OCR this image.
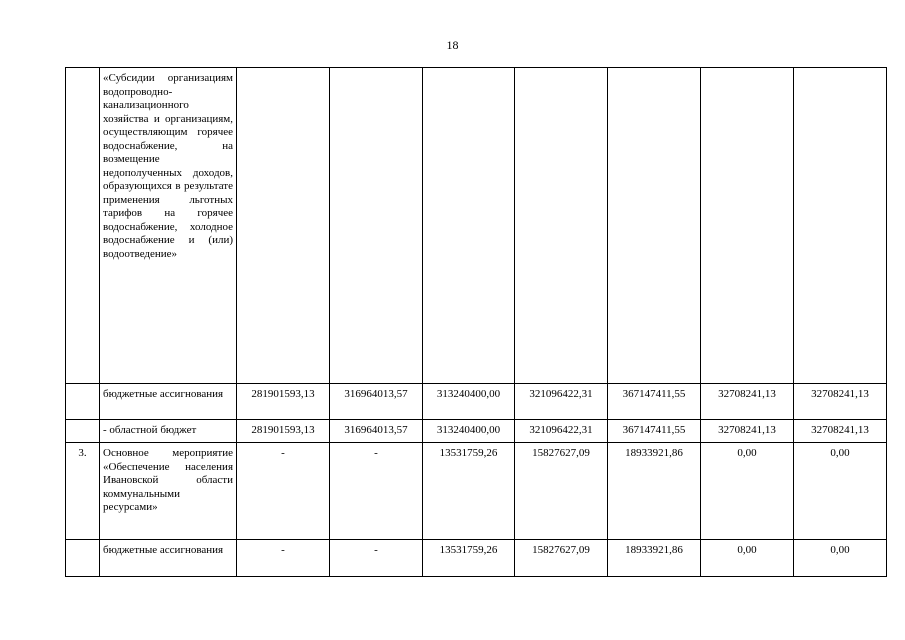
18
	«Субсидии организациям водопроводно-канализационного хозяйства и организациям, осуществляющим горячее водоснабжение, на возмещение недополученных доходов, образующихся в результате применения льготных тарифов на горячее водоснабжение, холодное водоснабжение и (или) водоотведение»							
	бюджетные ассигнования	281901593,13	316964013,57	313240400,00	321096422,31	367147411,55	32708241,13	32708241,13
	- областной бюджет	281901593,13	316964013,57	313240400,00	321096422,31	367147411,55	32708241,13	32708241,13
3.	Основное мероприятие «Обеспечение населения Ивановской области коммунальными ресурсами»	-	-	13531759,26	15827627,09	18933921,86	0,00	0,00
	бюджетные ассигнования	-	-	13531759,26	15827627,09	18933921,86	0,00	0,00
